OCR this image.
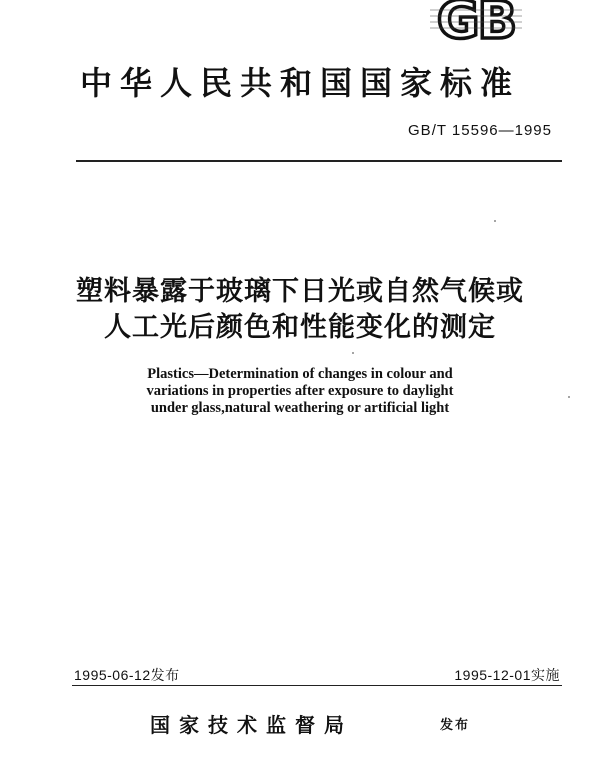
GB
中华人民共和国国家标准
GB/T 15596—1995
塑料暴露于玻璃下日光或自然气候或
人工光后颜色和性能变化的测定
Plastics—Determination of changes in colour and
variations in properties after exposure to daylight
under glass,natural weathering or artificial light
1995-06-12发布	1995-12-01实施
国家技术监督局	发布
